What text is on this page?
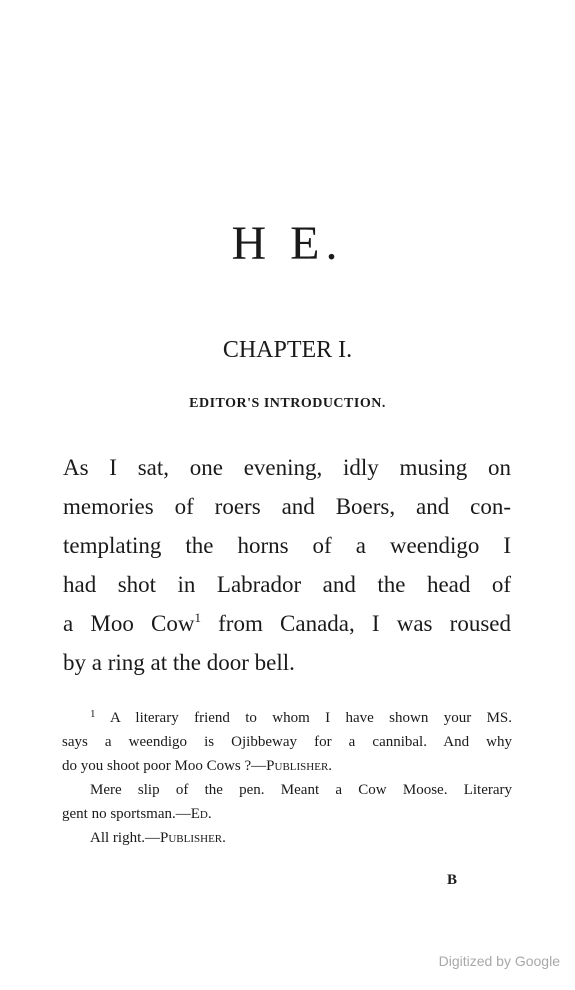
H E.
CHAPTER I.
EDITOR'S INTRODUCTION.
As I sat, one evening, idly musing on
memories of roers and Boers, and con-
templating the horns of a weendigo I
had shot in Labrador and the head of
a Moo Cow$^1$ from Canada, I was roused
by a ring at the door bell.
$^1$ A literary friend to whom I have shown your MS.
says a weendigo is Ojibbeway for a cannibal. And why
do you shoot poor Moo Cows ?—Publisher.
Mere slip of the pen. Meant a Cow Moose. Literary
gent no sportsman.—Ed.
All right.—Publisher.
B
Digitized by Google
